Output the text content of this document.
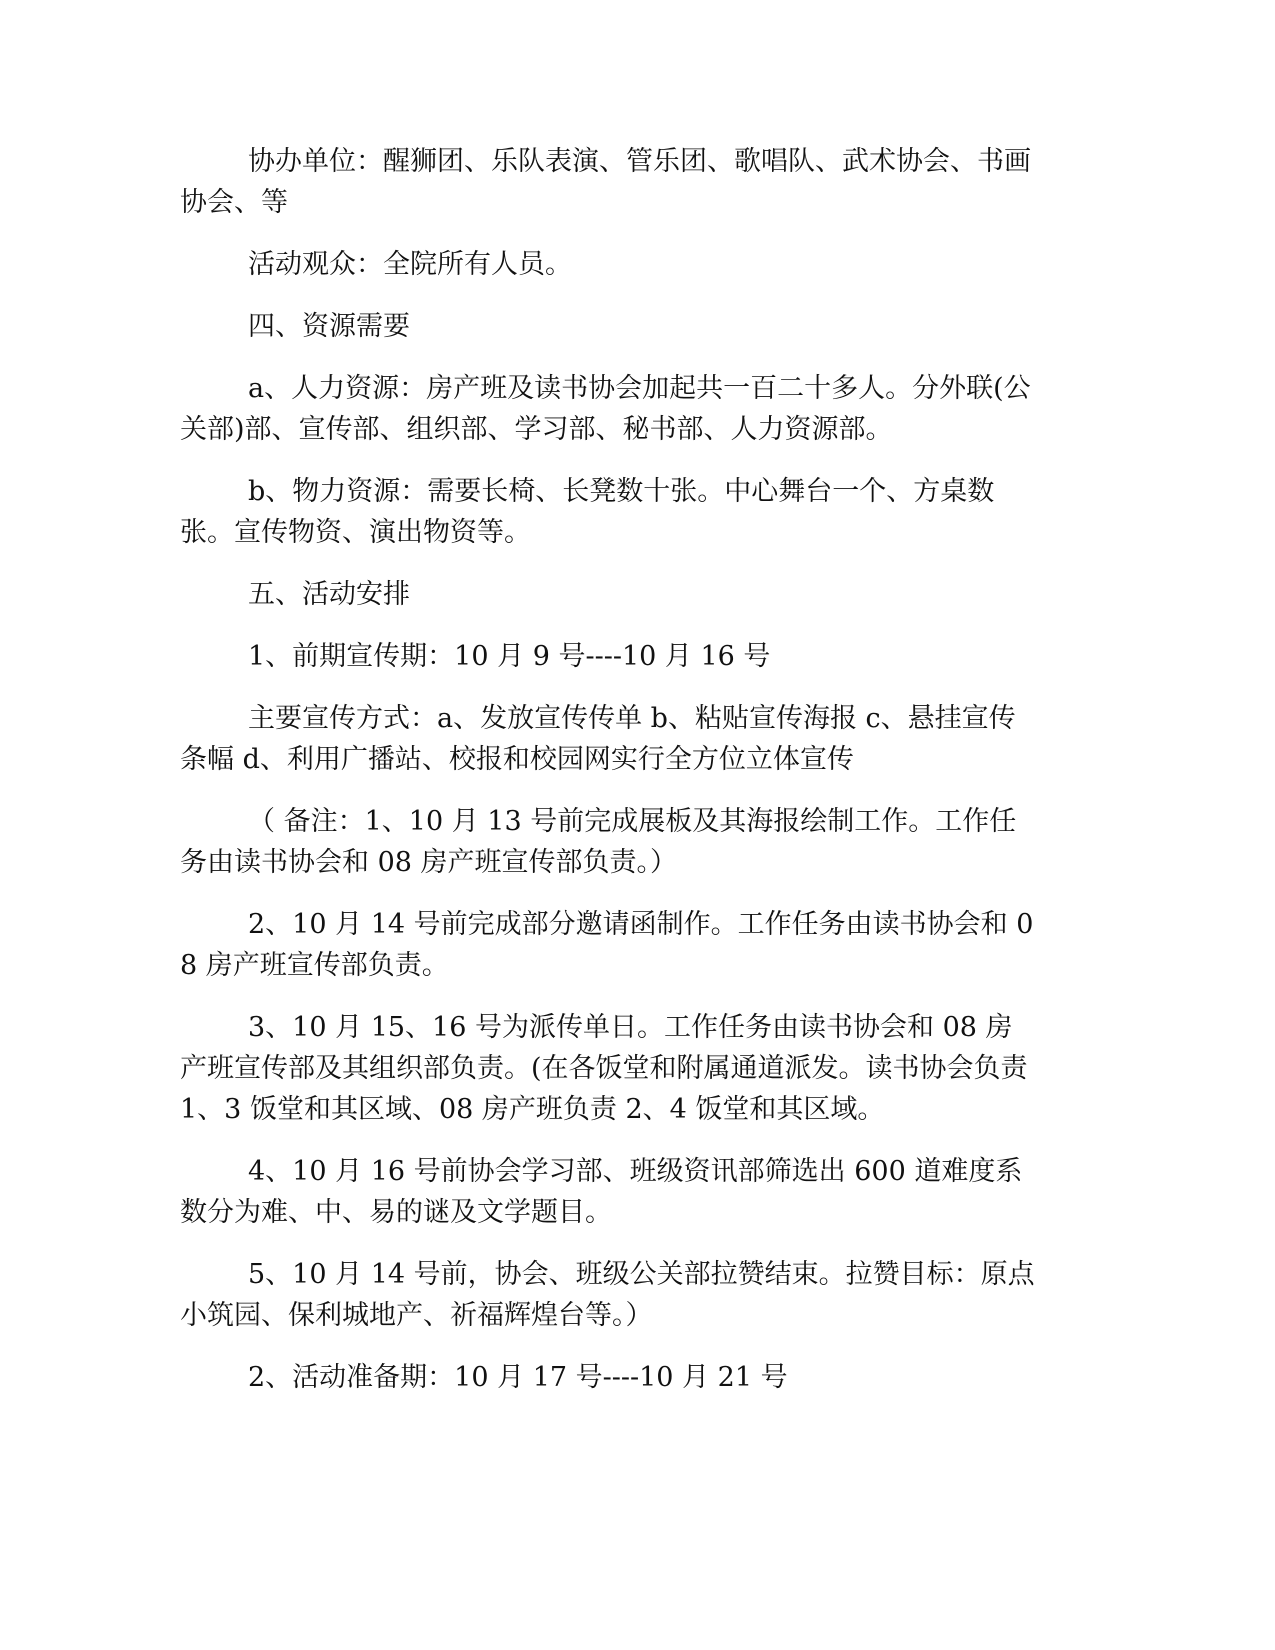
协办单位：醒狮团、乐队表演、管乐团、歌唱队、武术协会、书画协会、等

活动观众：全院所有人员。

四、资源需要

a、人力资源：房产班及读书协会加起共一百二十多人。分外联(公关部)部、宣传部、组织部、学习部、秘书部、人力资源部。

b、物力资源：需要长椅、长凳数十张。中心舞台一个、方桌数张。宣传物资、演出物资等。

五、活动安排

1、前期宣传期：10 月 9 号----10 月 16 号

主要宣传方式：a、发放宣传传单 b、粘贴宣传海报 c、悬挂宣传条幅 d、利用广播站、校报和校园网实行全方位立体宣传

（ 备注：1、10 月 13 号前完成展板及其海报绘制工作。工作任务由读书协会和 08 房产班宣传部负责。）

2、10 月 14 号前完成部分邀请函制作。工作任务由读书协会和 08 房产班宣传部负责。

3、10 月 15、16 号为派传单日。工作任务由读书协会和 08 房产班宣传部及其组织部负责。(在各饭堂和附属通道派发。读书协会负责 1、3 饭堂和其区域、08 房产班负责 2、4 饭堂和其区域。

4、10 月 16 号前协会学习部、班级资讯部筛选出 600 道难度系数分为难、中、易的谜及文学题目。

5、10 月 14 号前，协会、班级公关部拉赞结束。拉赞目标：原点小筑园、保利城地产、祈福辉煌台等。）

2、活动准备期：10 月 17 号----10 月 21 号
